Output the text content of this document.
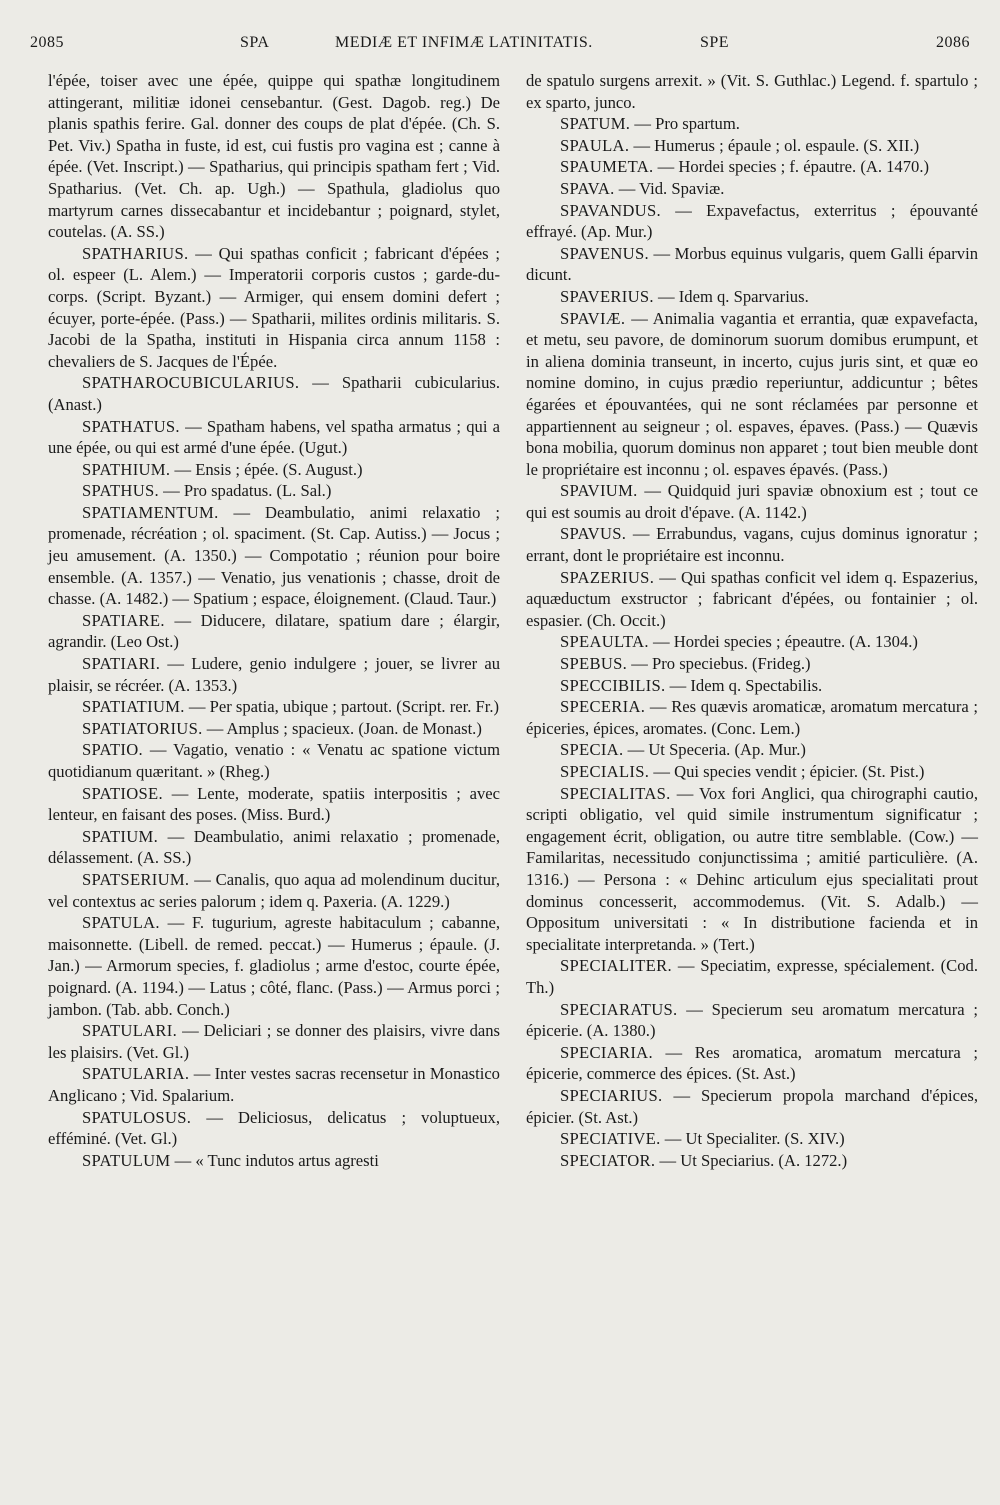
2085	SPA	MEDIÆ ET INFIMÆ LATINITATIS.	SPE	2086

l'épée, toiser avec une épée, quippe qui spathæ longitudinem attingerant, militiæ idonei censebantur. (Gest. Dagob. reg.) De planis spathis ferire. Gal. donner des coups de plat d'épée. (Ch. S. Pet. Viv.) Spatha in fuste, id est, cui fustis pro vagina est ; canne à épée. (Vet. Inscript.) — Spatharius, qui principis spatham fert ; Vid. Spatharius. (Vet. Ch. ap. Ugh.) — Spathula, gladiolus quo martyrum carnes dissecabantur et incidebantur ; poignard, stylet, coutelas. (A. SS.)

SPATHARIUS. — Qui spathas conficit ; fabricant d'épées ; ol. espeer (L. Alem.) — Imperatorii corporis custos ; garde-du-corps. (Script. Byzant.) — Armiger, qui ensem domini defert ; écuyer, porte-épée. (Pass.) — Spatharii, milites ordinis militaris. S. Jacobi de la Spatha, instituti in Hispania circa annum 1158 : chevaliers de S. Jacques de l'Épée.

SPATHAROCUBICULARIUS. — Spatharii cubicularius. (Anast.)

SPATHATUS. — Spatham habens, vel spatha armatus ; qui a une épée, ou qui est armé d'une épée. (Ugut.)

SPATHIUM. — Ensis ; épée. (S. August.)

SPATHUS. — Pro spadatus. (L. Sal.)

SPATIAMENTUM. — Deambulatio, animi relaxatio ; promenade, récréation ; ol. spaciment. (St. Cap. Autiss.) — Jocus ; jeu amusement. (A. 1350.) — Compotatio ; réunion pour boire ensemble. (A. 1357.) — Venatio, jus venationis ; chasse, droit de chasse. (A. 1482.) — Spatium ; espace, éloignement. (Claud. Taur.)

SPATIARE. — Diducere, dilatare, spatium dare ; élargir, agrandir. (Leo Ost.)

SPATIARI. — Ludere, genio indulgere ; jouer, se livrer au plaisir, se récréer. (A. 1353.)

SPATIATIUM. — Per spatia, ubique ; partout. (Script. rer. Fr.)

SPATIATORIUS. — Amplus ; spacieux. (Joan. de Monast.)

SPATIO. — Vagatio, venatio : « Venatu ac spatione victum quotidianum quæritant. » (Rheg.)

SPATIOSE. — Lente, moderate, spatiis interpositis ; avec lenteur, en faisant des poses. (Miss. Burd.)

SPATIUM. — Deambulatio, animi relaxatio ; promenade, délassement. (A. SS.)

SPATSERIUM. — Canalis, quo aqua ad molendinum ducitur, vel contextus ac series palorum ; idem q. Paxeria. (A. 1229.)

SPATULA. — F. tugurium, agreste habitaculum ; cabanne, maisonnette. (Libell. de remed. peccat.) — Humerus ; épaule. (J. Jan.) — Armorum species, f. gladiolus ; arme d'estoc, courte épée, poignard. (A. 1194.) — Latus ; côté, flanc. (Pass.) — Armus porci ; jambon. (Tab. abb. Conch.)

SPATULARI. — Deliciari ; se donner des plaisirs, vivre dans les plaisirs. (Vet. Gl.)

SPATULARIA. — Inter vestes sacras recensetur in Monastico Anglicano ; Vid. Spalarium.

SPATULOSUS. — Deliciosus, delicatus ; voluptueux, efféminé. (Vet. Gl.)

SPATULUM — « Tunc indutos artus agresti

de spatulo surgens arrexit. » (Vit. S. Guthlac.) Legend. f. spartulo ; ex sparto, junco.

SPATUM. — Pro spartum.

SPAULA. — Humerus ; épaule ; ol. espaule. (S. XII.)

SPAUMETA. — Hordei species ; f. épautre. (A. 1470.)

SPAVA. — Vid. Spaviæ.

SPAVANDUS. — Expavefactus, exterritus ; épouvanté effrayé. (Ap. Mur.)

SPAVENUS. — Morbus equinus vulgaris, quem Galli éparvin dicunt.

SPAVERIUS. — Idem q. Sparvarius.

SPAVIÆ. — Animalia vagantia et errantia, quæ expavefacta, et metu, seu pavore, de dominorum suorum domibus erumpunt, et in aliena dominia transeunt, in incerto, cujus juris sint, et quæ eo nomine domino, in cujus prædio reperiuntur, addicuntur ; bêtes égarées et épouvantées, qui ne sont réclamées par personne et appartiennent au seigneur ; ol. espaves, épaves. (Pass.) — Quævis bona mobilia, quorum dominus non apparet ; tout bien meuble dont le propriétaire est inconnu ; ol. espaves épavés. (Pass.)

SPAVIUM. — Quidquid juri spaviæ obnoxium est ; tout ce qui est soumis au droit d'épave. (A. 1142.)

SPAVUS. — Errabundus, vagans, cujus dominus ignoratur ; errant, dont le propriétaire est inconnu.

SPAZERIUS. — Qui spathas conficit vel idem q. Espazerius, aquæductum exstructor ; fabricant d'épées, ou fontainier ; ol. espasier. (Ch. Occit.)

SPEAULTA. — Hordei species ; épeautre. (A. 1304.)

SPEBUS. — Pro speciebus. (Frideg.)

SPECCIBILIS. — Idem q. Spectabilis.

SPECERIA. — Res quævis aromaticæ, aromatum mercatura ; épiceries, épices, aromates. (Conc. Lem.)

SPECIA. — Ut Speceria. (Ap. Mur.)

SPECIALIS. — Qui species vendit ; épicier. (St. Pist.)

SPECIALITAS. — Vox fori Anglici, qua chirographi cautio, scripti obligatio, vel quid simile instrumentum significatur ; engagement écrit, obligation, ou autre titre semblable. (Cow.) — Familaritas, necessitudo conjunctissima ; amitié particulière. (A. 1316.) — Persona : « Dehinc articulum ejus specialitati prout dominus concesserit, accommodemus. (Vit. S. Adalb.) — Oppositum universitati : « In distributione facienda et in specialitate interpretanda. » (Tert.)

SPECIALITER. — Speciatim, expresse, spécialement. (Cod. Th.)

SPECIARATUS. — Specierum seu aromatum mercatura ; épicerie. (A. 1380.)

SPECIARIA. — Res aromatica, aromatum mercatura ; épicerie, commerce des épices. (St. Ast.)

SPECIARIUS. — Specierum propola marchand d'épices, épicier. (St. Ast.)

SPECIATIVE. — Ut Specialiter. (S. XIV.)

SPECIATOR. — Ut Speciarius. (A. 1272.)
